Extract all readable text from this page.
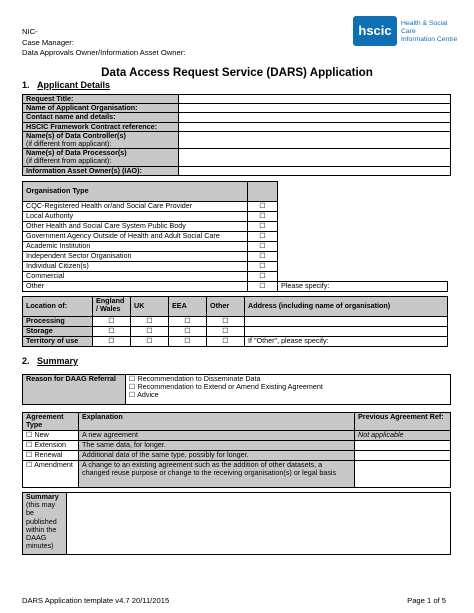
NIC-
Case Manager:
Data Approvals Owner/Information Asset Owner:
hscic	Health & Social Care
Information Centre
Data Access Request Service (DARS) Application
1. Applicant Details
Request Title:	
Name of Applicant Organisation:	
Contact name and details:	
HSCIC Framework Contract reference:	
Name(s) of Data Controller(s)
(if different from applicant):	
Name(s) of Data Processor(s)
(if different from applicant):	
Information Asset Owner(s) (IAO):	
Organisation Type		
CQC-Registered Health or/and Social Care Provider	☐	
Local Authority	☐	
Other Health and Social Care System Public Body	☐	
Government Agency Outside of Health and Adult Social Care	☐	
Academic Institution	☐	
Independent Sector Organisation	☐	
Individual Citizen(s)	☐	
Commercial	☐	
Other	☐	Please specify:
Location of:	England / Wales	UK	EEA	Other	Address (including name of organisation)
Processing	☐	☐	☐	☐	
Storage	☐	☐	☐	☐	
Territory of use	☐	☐	☐	☐	If "Other", please specify:
2. Summary
Reason for DAAG Referral	☐ Recommendation to Disseminate Data
☐ Recommendation to Extend or Amend Existing Agreement
☐ Advice
Agreement Type	Explanation	Previous Agreement Ref:
☐ New	A new agreement	Not applicable
☐ Extension	The same data, for longer.	
☐ Renewal	Additional data of the same type, possibly for longer.	
☐ Amendment	A change to an existing agreement such as the addition of other datasets, a changed reuse purpose or change to the receiving organisation(s) or legal basis	
Summary
(this may be
published
within the
DAAG
minutes)

DARS Application template v4.7 20/11/2015	Page 1 of 5
